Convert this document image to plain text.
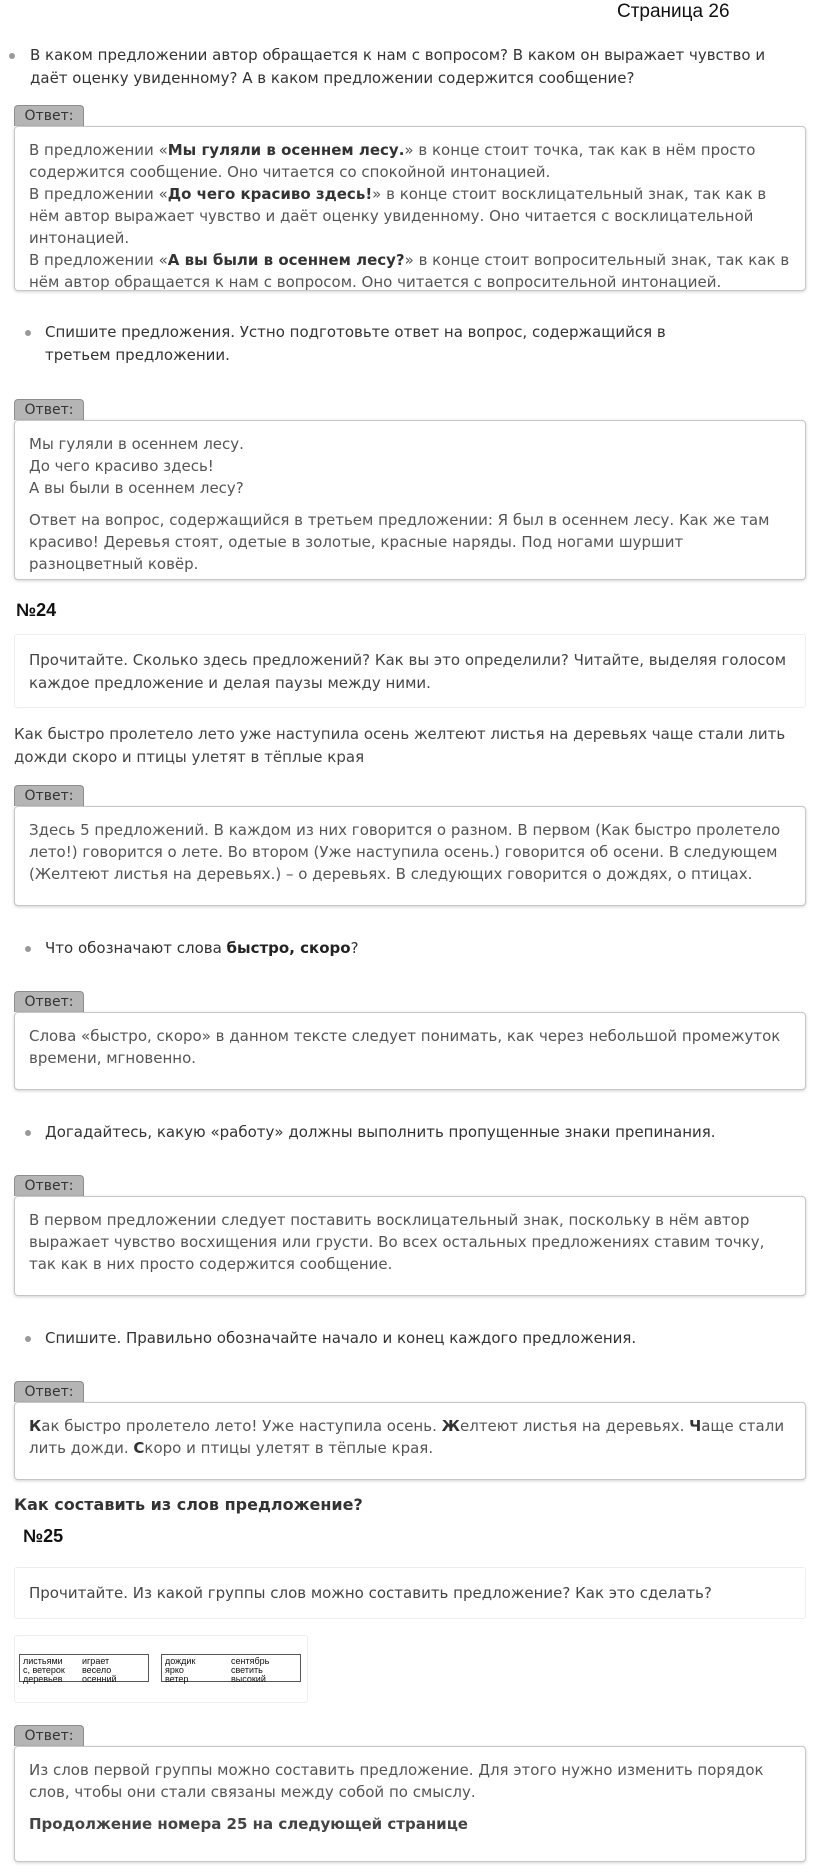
Страница 26
В каком предложении автор обращается к нам с вопросом? В каком он выражает чувство и даёт оценку увиденному? А в каком предложении содержится сообщение?
Ответ:

В предложении «Мы гуляли в осеннем лесу.» в конце стоит точка, так как в нём просто содержится сообщение. Оно читается со спокойной интонацией.

В предложении «До чего красиво здесь!» в конце стоит восклицательный знак, так как в нём автор выражает чувство и даёт оценку увиденному. Оно читается с восклицательной интонацией.

В предложении «А вы были в осеннем лесу?» в конце стоит вопросительный знак, так как в нём автор обращается к нам с вопросом. Оно читается с вопросительной интонацией.

Спишите предложения. Устно подготовьте ответ на вопрос, содержащийся в третьем предложении.
Ответ:

Мы гуляли в осеннем лесу.

До чего красиво здесь!

А вы были в осеннем лесу?

Ответ на вопрос, содержащийся в третьем предложении: Я был в осеннем лесу. Как же там красиво! Деревья стоят, одетые в золотые, красные наряды. Под ногами шуршит разноцветный ковёр.

№24
Прочитайте. Сколько здесь предложений? Как вы это определили? Читайте, выделяя голосом каждое предложение и делая паузы между ними.
Как быстро пролетело лето уже наступила осень желтеют листья на деревьях чаще стали лить дожди скоро и птицы улетят в тёплые края
Ответ:

Здесь 5 предложений. В каждом из них говорится о разном. В первом (Как быстро пролетело лето!) говорится о лете. Во втором (Уже наступила осень.) говорится об осени. В следующем (Желтеют листья на деревьях.) – о деревьях. В следующих говорится о дождях, о птицах.

Что обозначают слова быстро, скоро?
Ответ:

Слова «быстро, скоро» в данном тексте следует понимать, как через небольшой промежуток времени, мгновенно.

Догадайтесь, какую «работу» должны выполнить пропущенные знаки препинания.
Ответ:

В первом предложении следует поставить восклицательный знак, поскольку в нём автор выражает чувство восхищения или грусти. Во всех остальных предложениях ставим точку, так как в них просто содержится сообщение.

Спишите. Правильно обозначайте начало и конец каждого предложения.
Ответ:

Как быстро пролетело лето! Уже наступила осень. Желтеют листья на деревьях. Чаще стали лить дожди. Скоро и птицы улетят в тёплые края.

Как составить из слов предложение?
№25
Прочитайте. Из какой группы слов можно составить предложение? Как это сделать?
листьями
с, ветерок
деревьев
играет
весело
осенний
дождик
ярко
ветер
сентябрь
светить
высокий
Ответ:

Из слов первой группы можно составить предложение. Для этого нужно изменить порядок слов, чтобы они стали связаны между собой по смыслу.

Продолжение номера 25 на следующей странице
